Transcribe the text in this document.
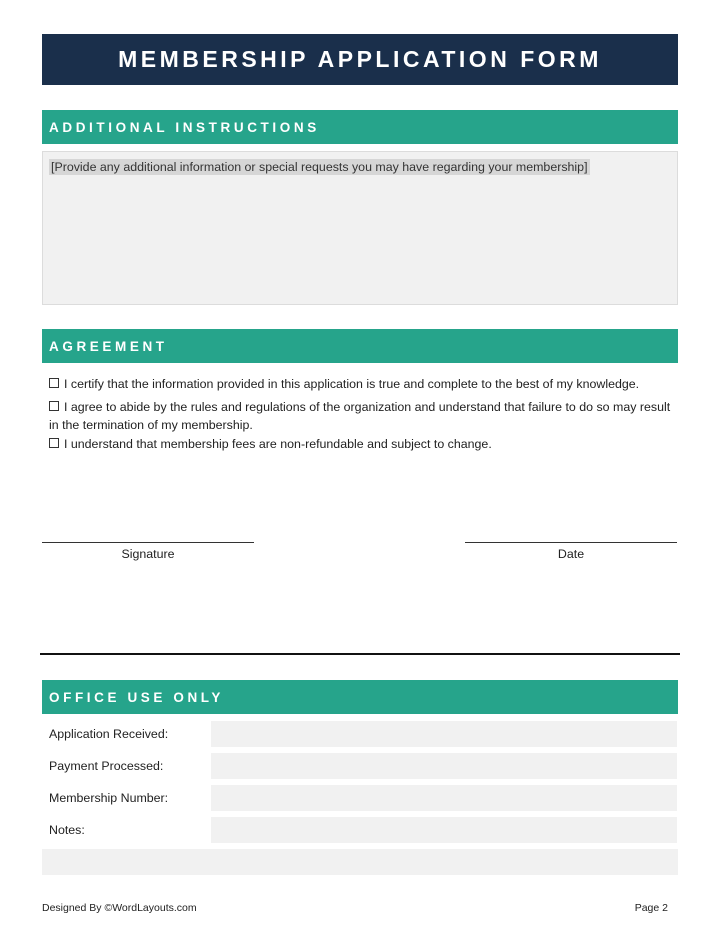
MEMBERSHIP APPLICATION FORM
ADDITIONAL INSTRUCTIONS
[Provide any additional information or special requests you may have regarding your membership]
AGREEMENT
I certify that the information provided in this application is true and complete to the best of my knowledge.
I agree to abide by the rules and regulations of the organization and understand that failure to do so may result in the termination of my membership.
I understand that membership fees are non-refundable and subject to change.
Signature	Date
OFFICE USE ONLY
Application Received:
Payment Processed:
Membership Number:
Notes:
Designed By ©WordLayouts.com	Page 2
